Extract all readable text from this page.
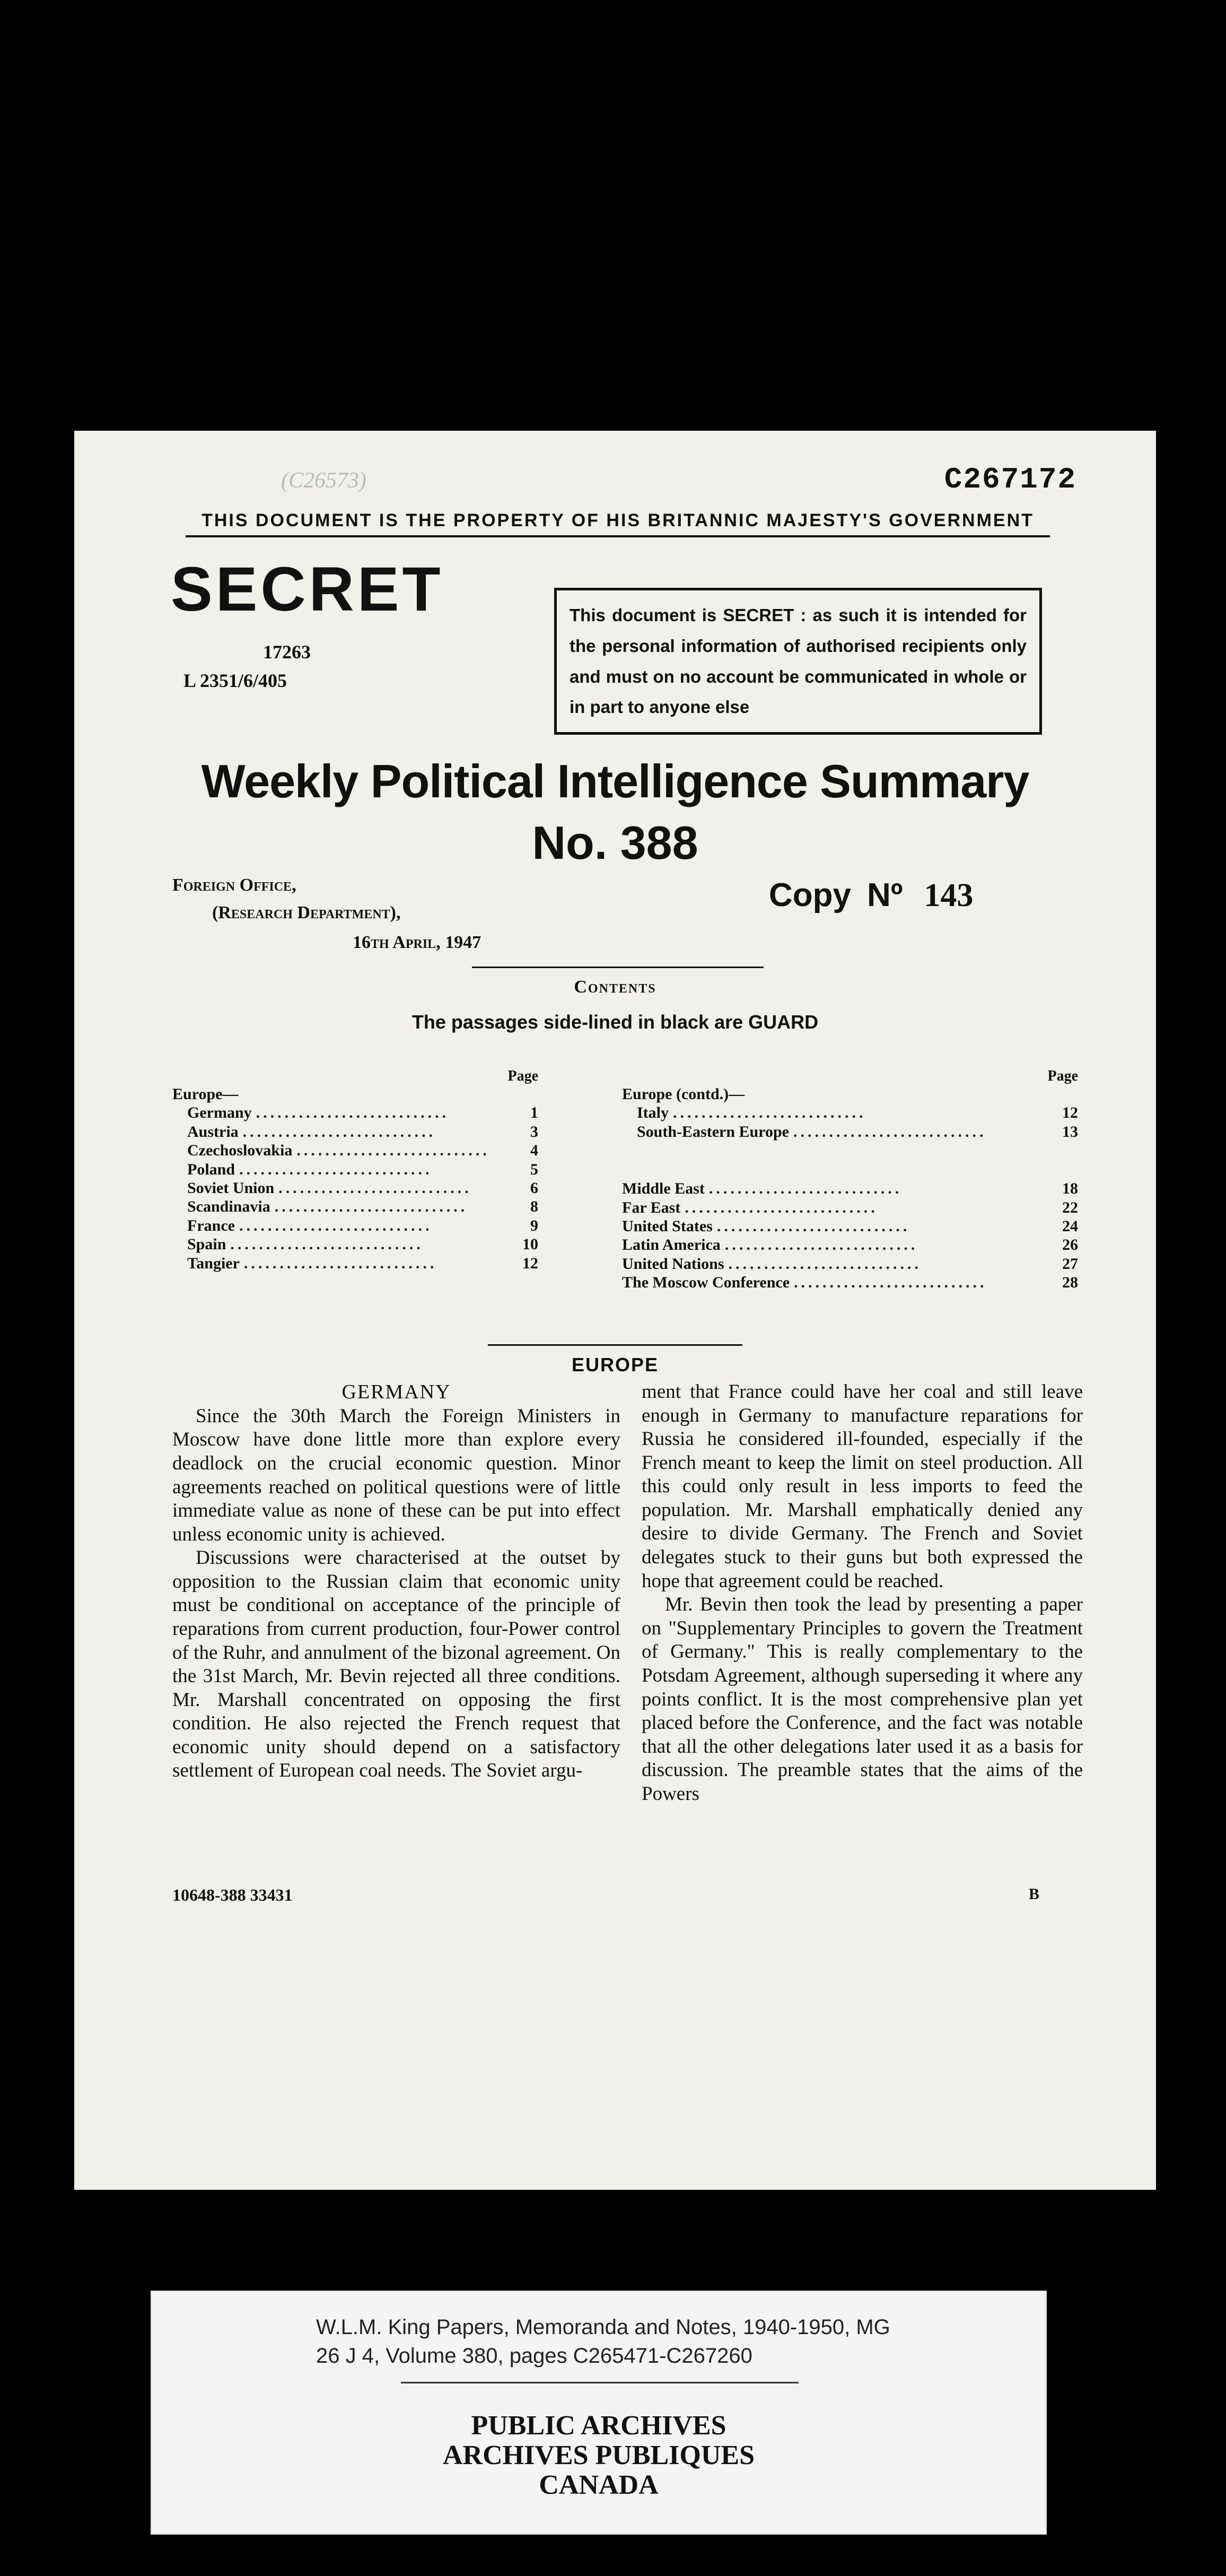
(C26573)	C267172
THIS DOCUMENT IS THE PROPERTY OF HIS BRITANNIC MAJESTY'S GOVERNMENT
SECRET
17263
L 2351/6/405
This document is SECRET : as such it is intended for the personal information of authorised recipients only and must on no account be communicated in whole or in part to anyone else
Weekly Political Intelligence Summary
No. 388
Foreign Office,
(Research Department),
16th April, 1947
Copy Nº 143
Contents
The passages side-lined in black are GUARD
Page
Europe—
Germany ...........................	1
Austria ...........................	3
Czechoslovakia ...........................	4
Poland ...........................	5
Soviet Union ...........................	6
Scandinavia ...........................	8
France ...........................	9
Spain ...........................	10
Tangier ...........................	12
Page
Europe (contd.)—
Italy ...........................	12
South-Eastern Europe ...........................	13
Middle East ...........................	18
Far East ...........................	22
United States ...........................	24
Latin America ...........................	26
United Nations ...........................	27
The Moscow Conference ...........................	28
EUROPE

GERMANY

Since the 30th March the Foreign Ministers in Moscow have done little more than explore every deadlock on the crucial economic question. Minor agreements reached on political questions were of little immediate value as none of these can be put into effect unless economic unity is achieved.

Discussions were characterised at the outset by opposition to the Russian claim that economic unity must be conditional on acceptance of the principle of reparations from current production, four-Power control of the Ruhr, and annulment of the bizonal agreement. On the 31st March, Mr. Bevin rejected all three conditions. Mr. Marshall concentrated on opposing the first condition. He also rejected the French request that economic unity should depend on a satisfactory settlement of European coal needs. The Soviet argu-

ment that France could have her coal and still leave enough in Germany to manufacture reparations for Russia he considered ill-founded, especially if the French meant to keep the limit on steel production. All this could only result in less imports to feed the population. Mr. Marshall emphatically denied any desire to divide Germany. The French and Soviet delegates stuck to their guns but both expressed the hope that agreement could be reached.

Mr. Bevin then took the lead by presenting a paper on "Supplementary Principles to govern the Treatment of Germany." This is really complementary to the Potsdam Agreement, although superseding it where any points conflict. It is the most comprehensive plan yet placed before the Conference, and the fact was notable that all the other delegations later used it as a basis for discussion. The preamble states that the aims of the Powers

10648-388 33431	B
W.L.M. King Papers, Memoranda and Notes, 1940-1950, MG 26 J 4, Volume 380, pages C265471-C267260
PUBLIC ARCHIVES
ARCHIVES PUBLIQUES
CANADA
